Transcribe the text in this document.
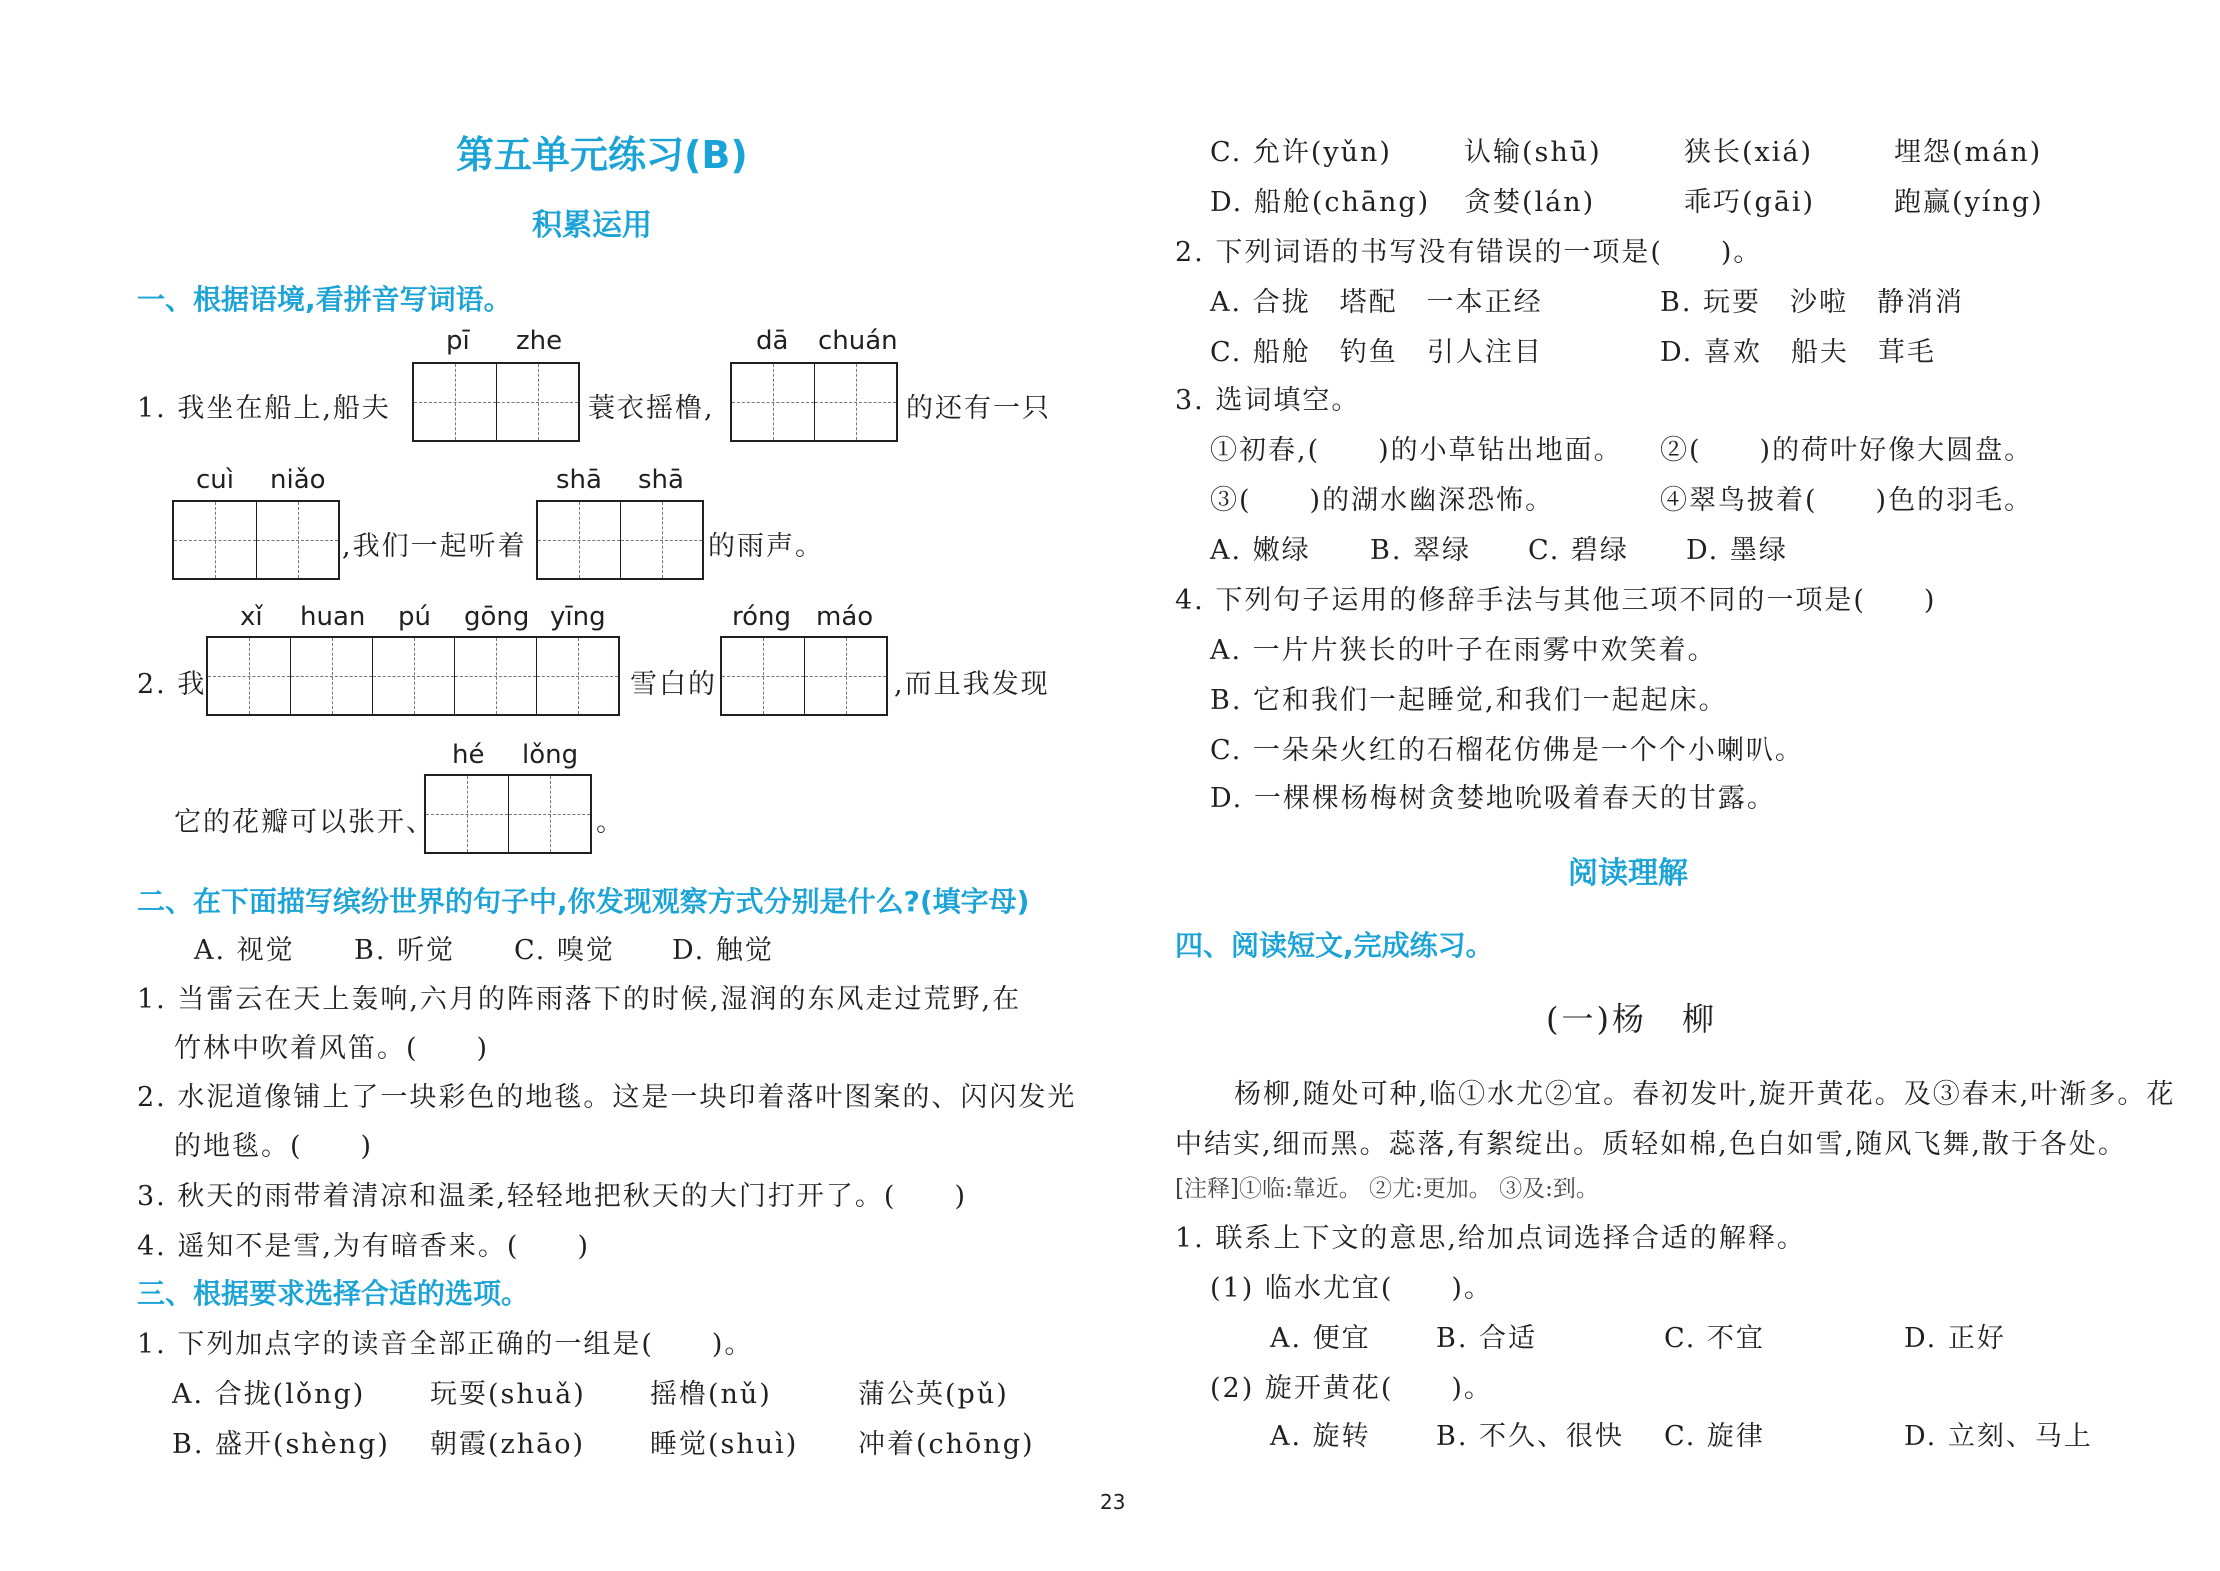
第五单元练习(B)
积累运用
一、根据语境,看拼音写词语。
pī zhe	dā chuán
1. 我坐在船上,船夫	蓑衣摇橹,	的还有一只
cuì niǎo	shā shā
,我们一起听着	的雨声。
xǐ huan pú gōng yīng	róng máo
2. 我	雪白的	,而且我发现
hé lǒng
它的花瓣可以张开、	。
二、在下面描写缤纷世界的句子中,你发现观察方式分别是什么?(填字母)
A. 视觉 B. 听觉 C. 嗅觉 D. 触觉
1. 当雷云在天上轰响,六月的阵雨落下的时候,湿润的东风走过荒野,在
竹林中吹着风笛。(　　)
2. 水泥道像铺上了一块彩色的地毯。这是一块印着落叶图案的、闪闪发光
的地毯。(　　)
3. 秋天的雨带着清凉和温柔,轻轻地把秋天的大门打开了。(　　)
4. 遥知不是雪,为有暗香来。(　　)
三、根据要求选择合适的选项。
1. 下列加点字的读音全部正确的一组是(　　)。
A. 合拢(lǒng) 玩耍(shuǎ) 摇橹(nǔ)	蒲公英(pǔ)
B. 盛开(shèng) 朝霞(zhāo) 睡觉(shuì) 冲着(chōng)
C. 允许(yǔn)	认输(shū)	狭长(xiá)	埋怨(mán)
D. 船舱(chāng) 贪婪(lán)	乖巧(gāi)	跑赢(yíng)
2. 下列词语的书写没有错误的一项是(　　)。
A. 合拢　塔配　一本正经	B. 玩要　沙啦　静消消
C. 船舱　钓鱼　引人注目	D. 喜欢　船夫　茸毛
3. 选词填空。
①初春,(　　)的小草钻出地面。 ②(　　)的荷叶好像大圆盘。
③(　　)的湖水幽深恐怖。	④翠鸟披着(　　)色的羽毛。
A. 嫩绿 B. 翠绿 C. 碧绿 D. 墨绿
4. 下列句子运用的修辞手法与其他三项不同的一项是(　　)
A. 一片片狭长的叶子在雨雾中欢笑着。
B. 它和我们一起睡觉,和我们一起起床。
C. 一朵朵火红的石榴花仿佛是一个个小喇叭。
D. 一棵棵杨梅树贪婪地吮吸着春天的甘露。
阅读理解
四、阅读短文,完成练习。
(一)杨　柳
杨柳,随处可种,临①水尤②宜。春初发叶,旋开黄花。及③春末,叶渐多。花
中结实,细而黑。蕊落,有絮绽出。质轻如棉,色白如雪,随风飞舞,散于各处。
[注释]①临:靠近。 ②尤:更加。 ③及:到。
1. 联系上下文的意思,给加点词选择合适的解释。
(1) 临水尤宜(　　)。
A. 便宜 B. 合适	C. 不宜	D. 正好
(2) 旋开黄花(　　)。
A. 旋转 B. 不久、很快 C. 旋律	D. 立刻、马上
23
